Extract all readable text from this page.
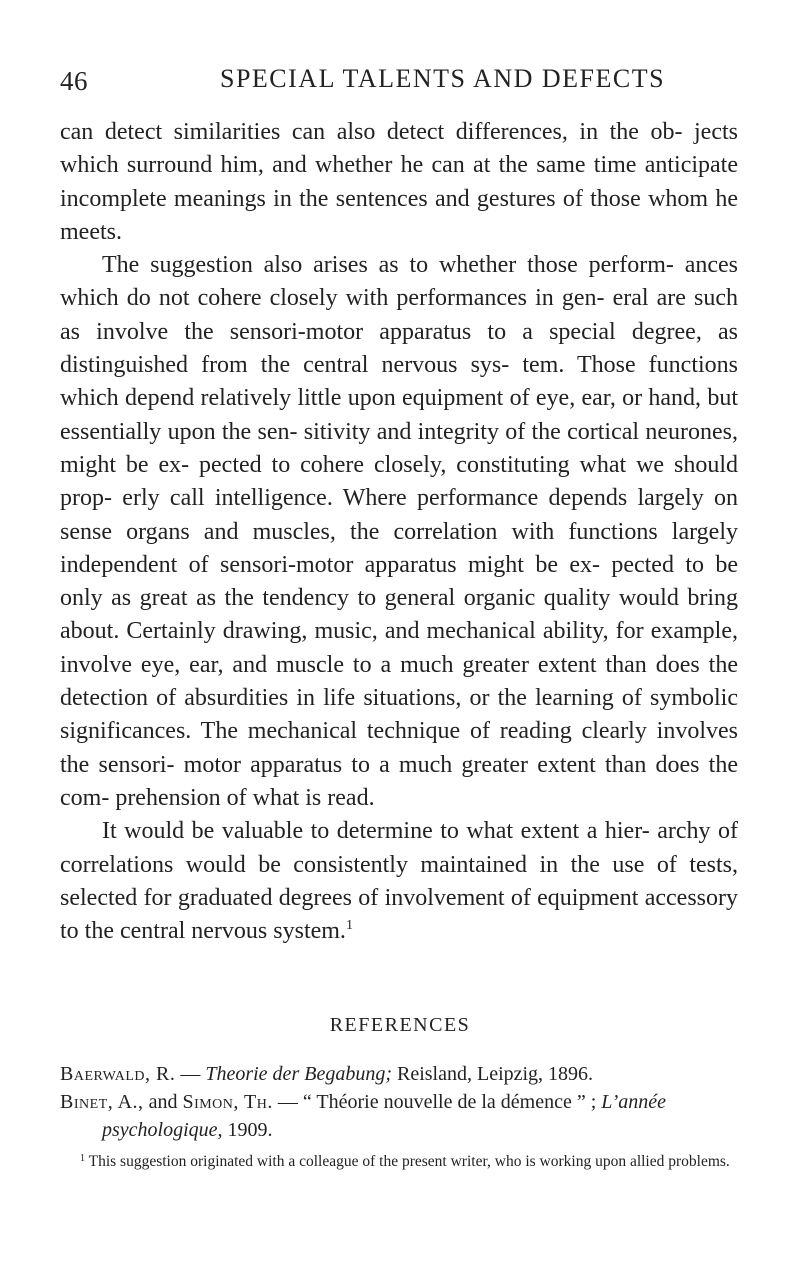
46	SPECIAL TALENTS AND DEFECTS

can detect similarities can also detect differences, in the ob- jects which surround him, and whether he can at the same time anticipate incomplete meanings in the sentences and gestures of those whom he meets.

The suggestion also arises as to whether those perform- ances which do not cohere closely with performances in gen- eral are such as involve the sensori-motor apparatus to a special degree, as distinguished from the central nervous sys- tem. Those functions which depend relatively little upon equipment of eye, ear, or hand, but essentially upon the sen- sitivity and integrity of the cortical neurones, might be ex- pected to cohere closely, constituting what we should prop- erly call intelligence. Where performance depends largely on sense organs and muscles, the correlation with functions largely independent of sensori-motor apparatus might be ex- pected to be only as great as the tendency to general organic quality would bring about. Certainly drawing, music, and mechanical ability, for example, involve eye, ear, and muscle to a much greater extent than does the detection of absurdities in life situations, or the learning of symbolic significances. The mechanical technique of reading clearly involves the sensori- motor apparatus to a much greater extent than does the com- prehension of what is read.

It would be valuable to determine to what extent a hier- archy of correlations would be consistently maintained in the use of tests, selected for graduated degrees of involvement of equipment accessory to the central nervous system.$^1$

REFERENCES

Baerwald, R. — Theorie der Begabung; Reisland, Leipzig, 1896.

Binet, A., and Simon, Th. — “ Théorie nouvelle de la démence ” ; L’année psychologique, 1909.

$^1$ This suggestion originated with a colleague of the present writer, who is working upon allied problems.
